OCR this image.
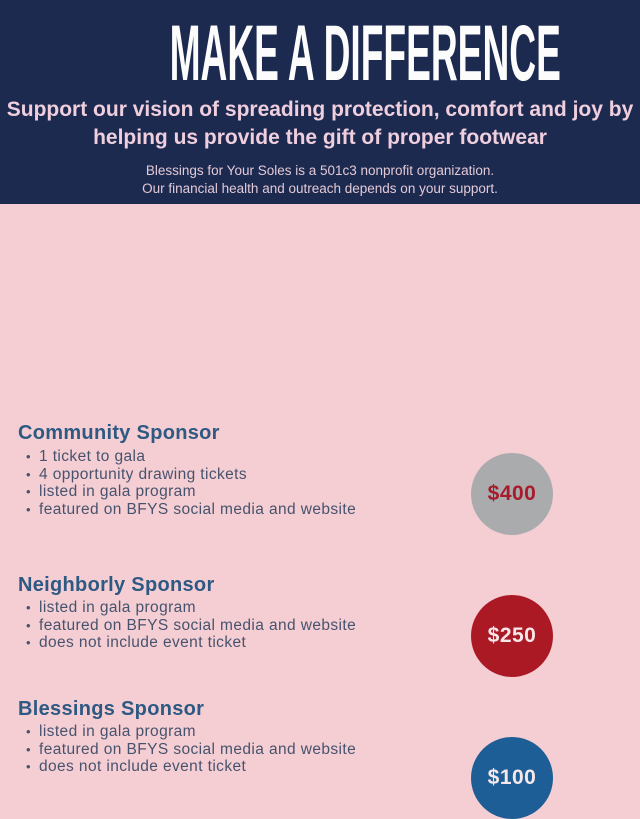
MAKE A DIFFERENCE
Support our vision of spreading protection, comfort and joy by
helping us provide the gift of proper footwear
Blessings for Your Soles is a 501c3 nonprofit organization.
Our financial health and outreach depends on your support.
Community Sponsor
• 1 ticket to gala
• 4 opportunity drawing tickets
• listed in gala program
• featured on BFYS social media and website
$400
Neighborly Sponsor
• listed in gala program
• featured on BFYS social media and website
• does not include event ticket	$250
Blessings Sponsor
• listed in gala program
• featured on BFYS social media and website
• does not include event ticket	$100
